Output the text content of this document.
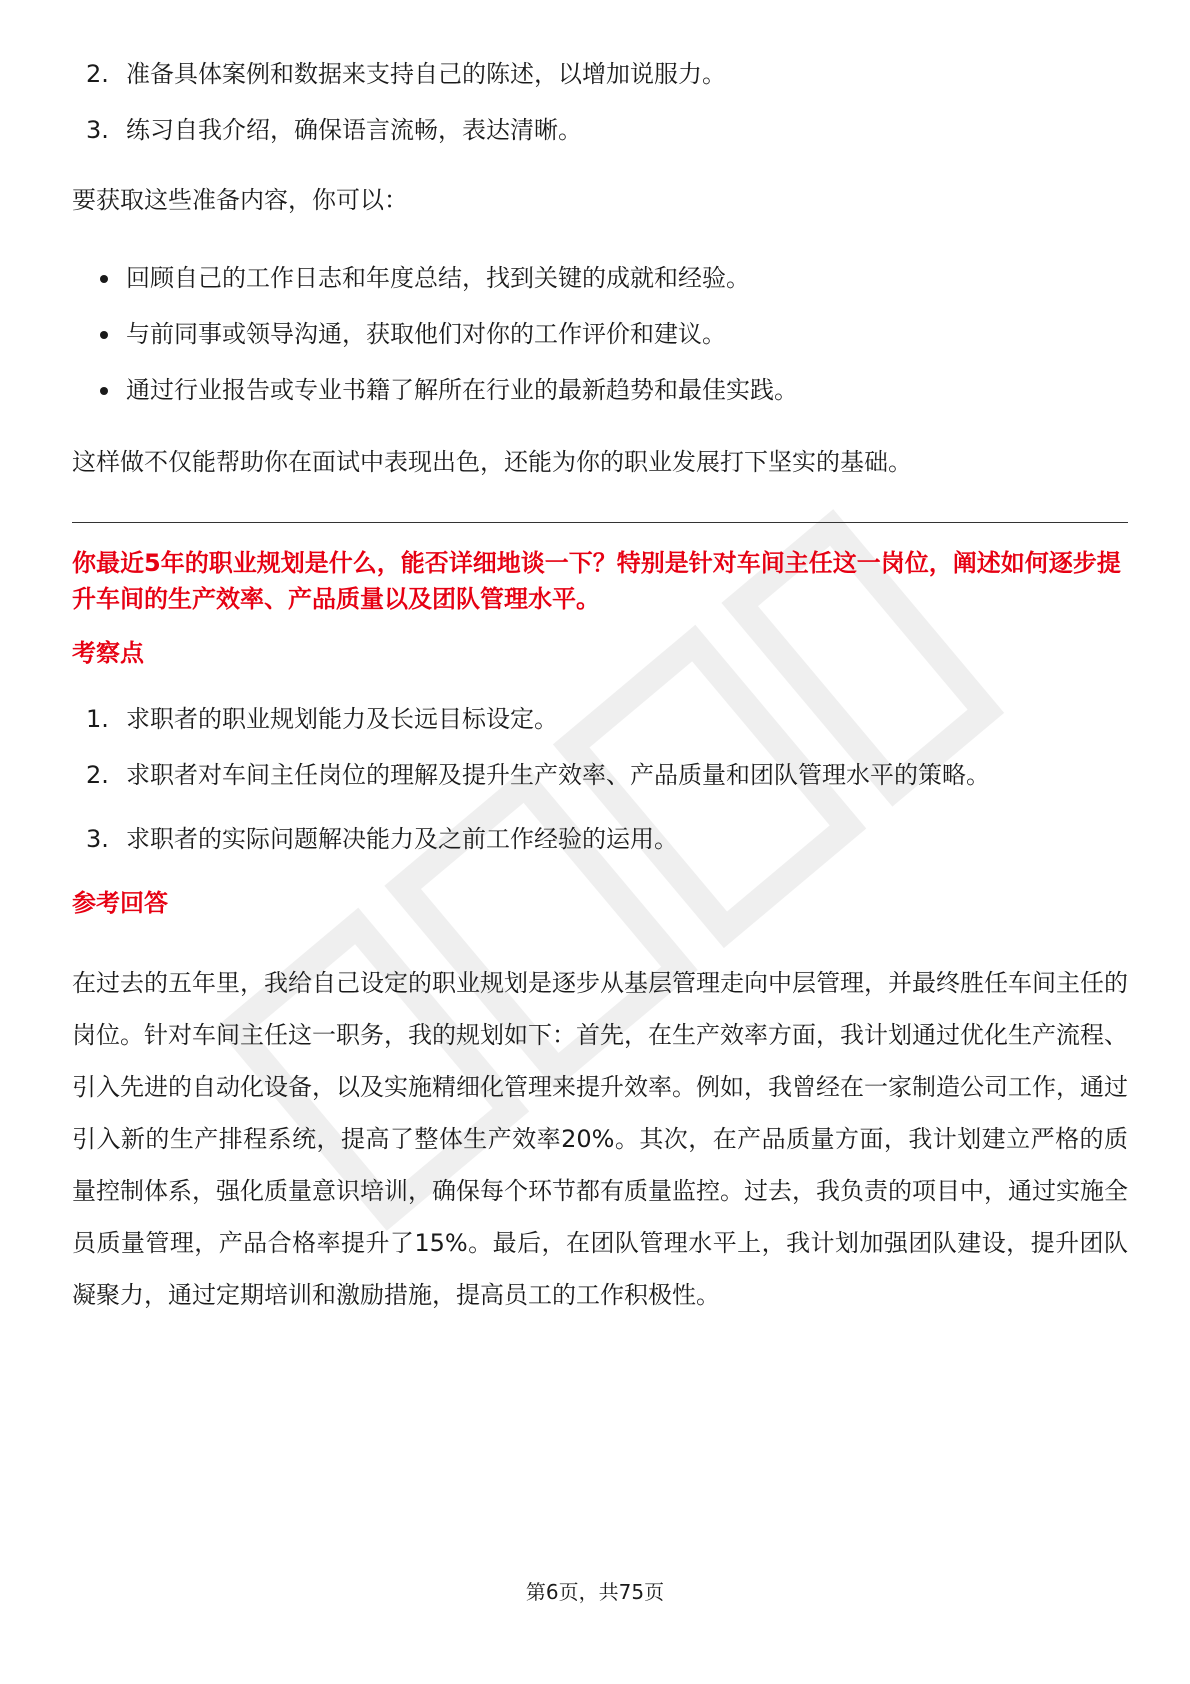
2. 准备具体案例和数据来支持自己的陈述，以增加说服力。
3. 练习自我介绍，确保语言流畅，表达清晰。

要获取这些准备内容，你可以：

回顾自己的工作日志和年度总结，找到关键的成就和经验。
与前同事或领导沟通，获取他们对你的工作评价和建议。
通过行业报告或专业书籍了解所在行业的最新趋势和最佳实践。

这样做不仅能帮助你在面试中表现出色，还能为你的职业发展打下坚实的基础。

你最近5年的职业规划是什么，能否详细地谈一下？特别是针对车间主任这一岗位，阐述如何逐步提升车间的生产效率、产品质量以及团队管理水平。

考察点
1. 求职者的职业规划能力及长远目标设定。
2. 求职者对车间主任岗位的理解及提升生产效率、产品质量和团队管理水平的策略。
3. 求职者的实际问题解决能力及之前工作经验的运用。
参考回答

在过去的五年里，我给自己设定的职业规划是逐步从基层管理走向中层管理，并最终胜任车间主任的岗位。针对车间主任这一职务，我的规划如下：首先，在生产效率方面，我计划通过优化生产流程、引入先进的自动化设备，以及实施精细化管理来提升效率。例如，我曾经在一家制造公司工作，通过引入新的生产排程系统，提高了整体生产效率20%。其次，在产品质量方面，我计划建立严格的质量控制体系，强化质量意识培训，确保每个环节都有质量监控。过去，我负责的项目中，通过实施全员质量管理，产品合格率提升了15%。最后，在团队管理水平上，我计划加强团队建设，提升团队凝聚力，通过定期培训和激励措施，提高员工的工作积极性。

第6页，共75页
